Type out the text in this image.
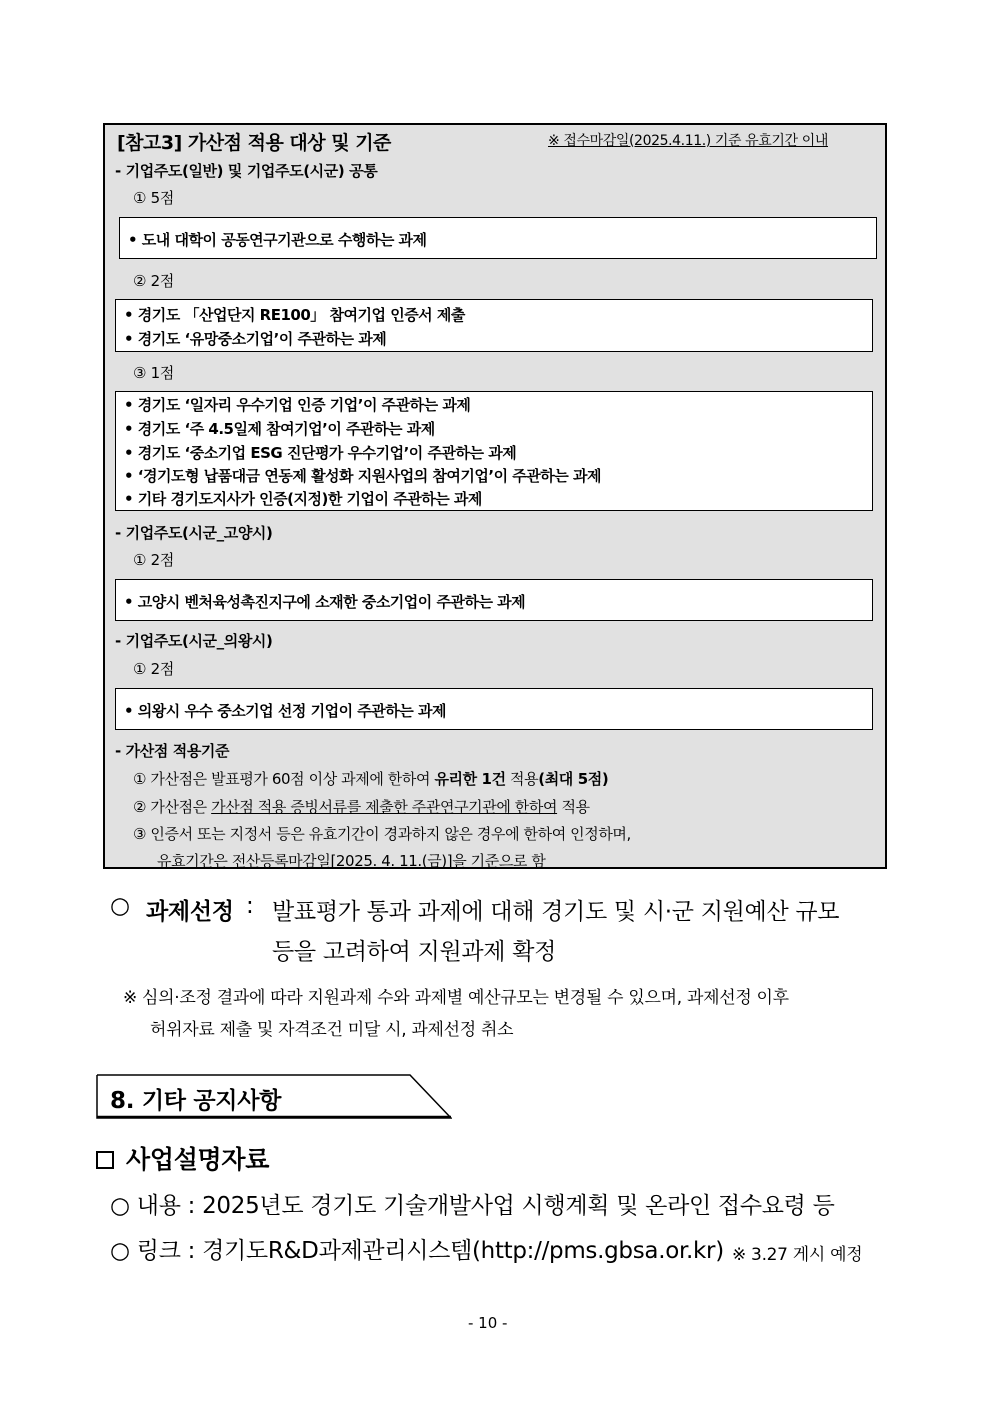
[참고3] 가산점 적용 대상 및 기준	※ 접수마감일(2025.4.11.) 기준 유효기간 이내
- 기업주도(일반) 및 기업주도(시군) 공통
① 5점
• 도내 대학이 공동연구기관으로 수행하는 과제
② 2점
• 경기도 「산업단지 RE100」 참여기업 인증서 제출
• 경기도 ‘유망중소기업’이 주관하는 과제
③ 1점
• 경기도 ‘일자리 우수기업 인증 기업’이 주관하는 과제
• 경기도 ‘주 4.5일제 참여기업’이 주관하는 과제
• 경기도 ‘중소기업 ESG 진단평가 우수기업’이 주관하는 과제
• ‘경기도형 납품대금 연동제 활성화 지원사업의 참여기업’이 주관하는 과제
• 기타 경기도지사가 인증(지정)한 기업이 주관하는 과제
- 기업주도(시군_고양시)
① 2점
• 고양시 벤처육성촉진지구에 소재한 중소기업이 주관하는 과제
- 기업주도(시군_의왕시)
① 2점
• 의왕시 우수 중소기업 선정 기업이 주관하는 과제
- 가산점 적용기준
① 가산점은 발표평가 60점 이상 과제에 한하여 유리한 1건 적용(최대 5점)
② 가산점은 가산점 적용 증빙서류를 제출한 주관연구기관에 한하여 적용
③ 인증서 또는 지정서 등은 유효기간이 경과하지 않은 경우에 한하여 인정하며,
유효기간은 전산등록마감일[2025. 4. 11.(금)]을 기준으로 함
○ 과제선정 : 발표평가 통과 과제에 대해 경기도 및 시·군 지원예산 규모
등을 고려하여 지원과제 확정
※ 심의·조정 결과에 따라 지원과제 수와 과제별 예산규모는 변경될 수 있으며, 과제선정 이후
허위자료 제출 및 자격조건 미달 시, 과제선정 취소
8. 기타 공지사항
사업설명자료
○ 내용 : 2025년도 경기도 기술개발사업 시행계획 및 온라인 접수요령 등
○ 링크 : 경기도R&D과제관리시스템(http://pms.gbsa.or.kr) ※ 3.27 게시 예정
- 10 -
